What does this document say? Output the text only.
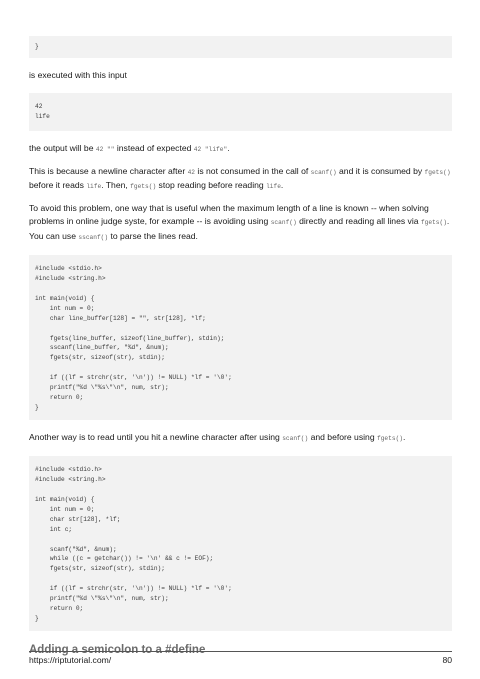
}

is executed with this input

42
life

the output will be 42 "" instead of expected 42 "life".

This is because a newline character after 42 is not consumed in the call of scanf() and it is consumed by fgets() before it reads life. Then, fgets() stop reading before reading life.

To avoid this problem, one way that is useful when the maximum length of a line is known -- when solving problems in online judge syste, for example -- is avoiding using scanf() directly and reading all lines via fgets(). You can use sscanf() to parse the lines read.

#include <stdio.h>
#include <string.h>

int main(void) {
int num = 0;
char line_buffer[128] = "", str[128], *lf;

fgets(line_buffer, sizeof(line_buffer), stdin);
sscanf(line_buffer, "%d", &num);
fgets(str, sizeof(str), stdin);

if ((lf = strchr(str, '\n')) != NULL) *lf = '\0';
printf("%d \"%s\"\n", num, str);
return 0;
}

Another way is to read until you hit a newline character after using scanf() and before using fgets().

#include <stdio.h>
#include <string.h>

int main(void) {
int num = 0;
char str[128], *lf;
int c;

scanf("%d", &num);
while ((c = getchar()) != '\n' && c != EOF);
fgets(str, sizeof(str), stdin);

if ((lf = strchr(str, '\n')) != NULL) *lf = '\0';
printf("%d \"%s\"\n", num, str);
return 0;
}
Adding a semicolon to a #define
https://riptutorial.com/	80
